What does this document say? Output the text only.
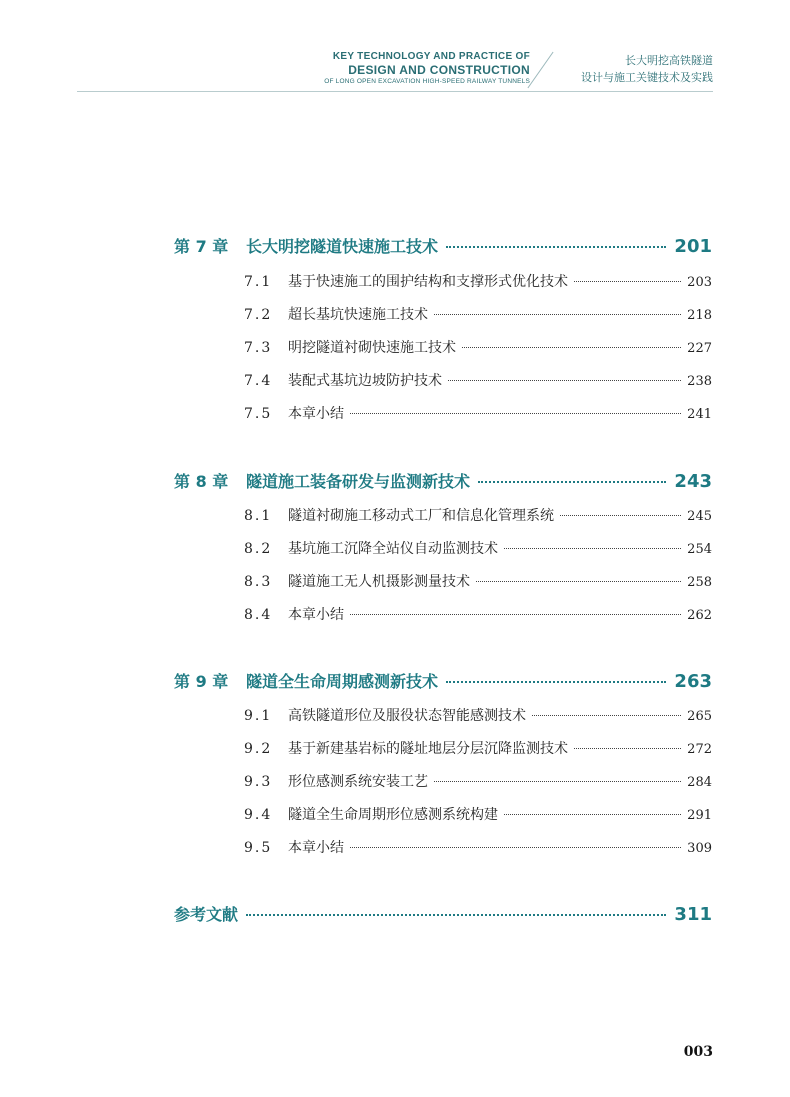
KEY TECHNOLOGY AND PRACTICE OF
DESIGN AND CONSTRUCTION
OF LONG OPEN EXCAVATION HIGH-SPEED RAILWAY TUNNELS
长大明挖高铁隧道
设计与施工关键技术及实践
第 7 章	长大明挖隧道快速施工技术	201
7.1	基于快速施工的围护结构和支撑形式优化技术	203
7.2	超长基坑快速施工技术	218
7.3	明挖隧道衬砌快速施工技术	227
7.4	装配式基坑边坡防护技术	238
7.5	本章小结	241
第 8 章	隧道施工装备研发与监测新技术	243
8.1	隧道衬砌施工移动式工厂和信息化管理系统	245
8.2	基坑施工沉降全站仪自动监测技术	254
8.3	隧道施工无人机摄影测量技术	258
8.4	本章小结	262
第 9 章	隧道全生命周期感测新技术	263
9.1	高铁隧道形位及服役状态智能感测技术	265
9.2	基于新建基岩标的隧址地层分层沉降监测技术	272
9.3	形位感测系统安装工艺	284
9.4	隧道全生命周期形位感测系统构建	291
9.5	本章小结	309
参考文献	311
003
